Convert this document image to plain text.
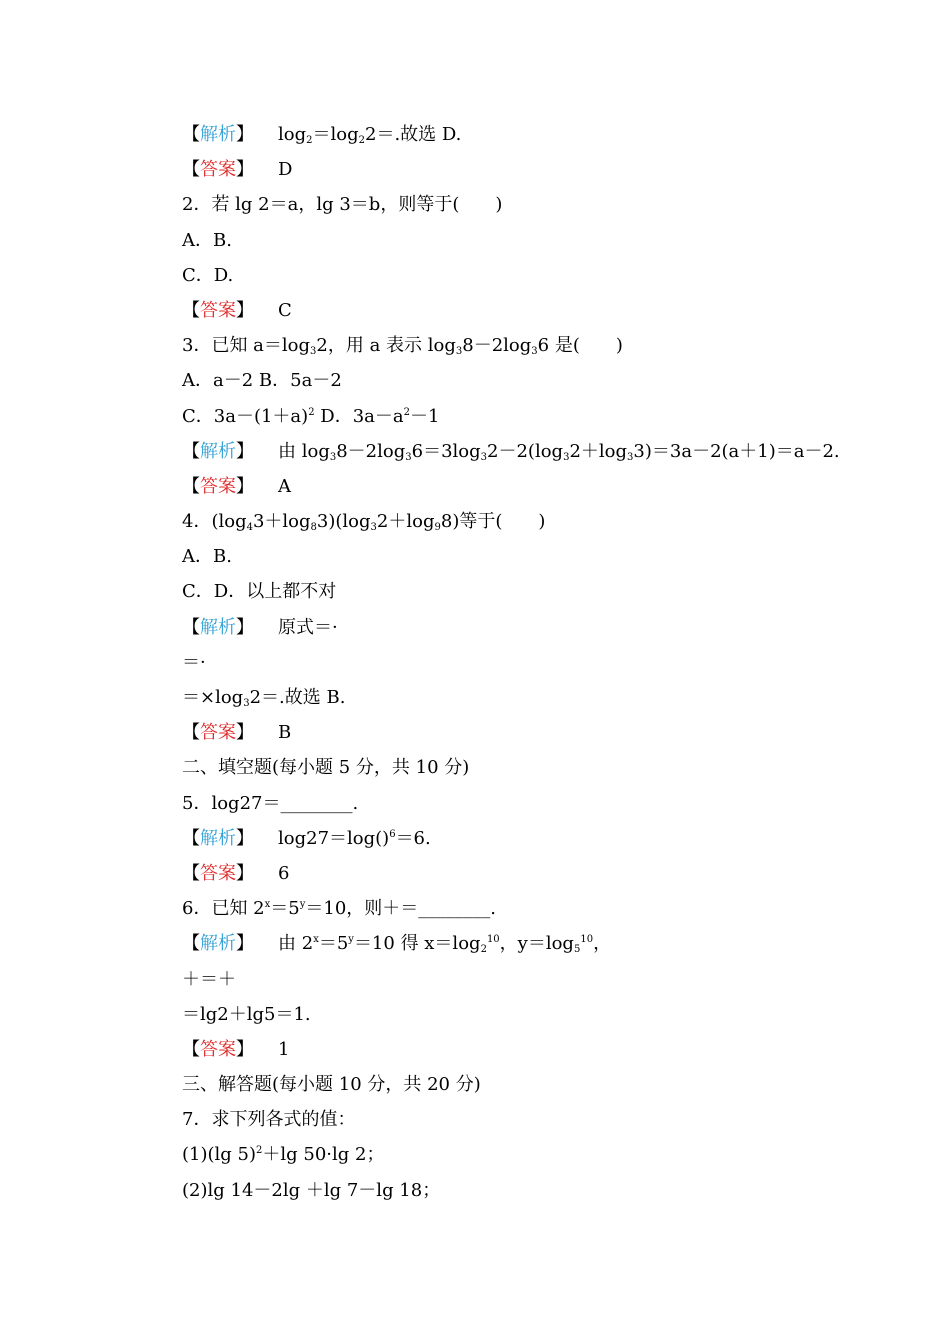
【解析】 $\log_2=\log_22=$.故选 D.
【答案】 D
2．若 lg 2＝a，lg 3＝b，则等于(　　)
A．B.
C．D.
【答案】 C
3．已知 $a=\log_32$，用 a 表示 $\log_38-2\log_36$ 是(　　)
A．a－2 B．5a－2
C．$3a-(1+a)^2$ D．$3a-a^2-1$
【解析】 由 $\log_38-2\log_36=3\log_32-2(\log_32+\log_33)=3a-2(a+1)=a-2$.
【答案】 A
4．$(\log_43+\log_83)(\log_32+\log_98)$等于(　　)
A．B.
C．D．以上都不对
【解析】 原式＝·
＝·
$=\times\log_32=$.故选 B.
【答案】 B
二、填空题(每小题 5 分，共 10 分)
5．log27＝________.
【解析】 log27＝log()$^6$＝6.
【答案】 6
6．已知 $2^x=5^y=10$，则＋＝________.
【解析】 由 $2^x=5^y=10$ 得 $x=\log_2^{10}$，$y=\log_5^{10}$，
＋＝＋
＝lg2＋lg5＝1.
【答案】 1
三、解答题(每小题 10 分，共 20 分)
7．求下列各式的值：
(1)(lg 5)$^2$＋lg 50·lg 2；
(2)lg 14－2lg ＋lg 7－lg 18；
